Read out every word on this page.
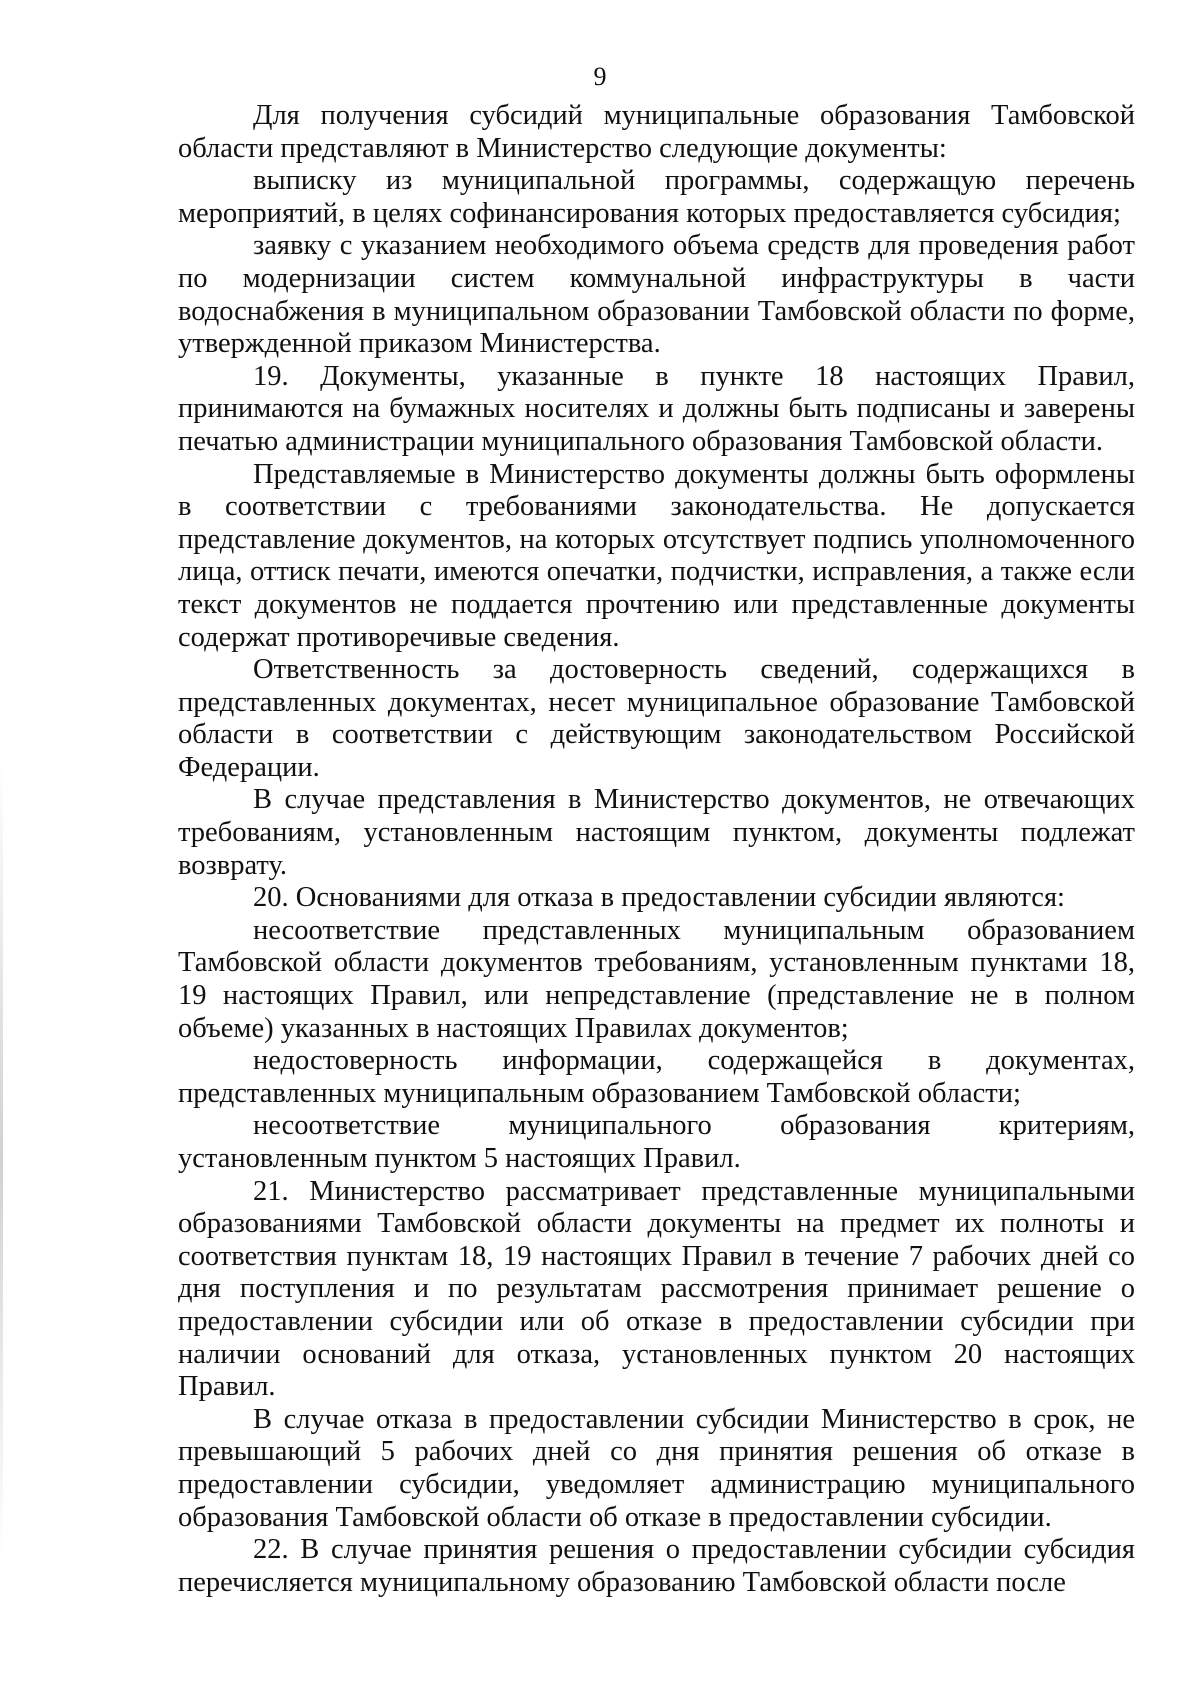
9

Для получения субсидий муниципальные образования Тамбовской области представляют в Министерство следующие документы:

выписку из муниципальной программы, содержащую перечень мероприятий, в целях софинансирования которых предоставляется субсидия;

заявку с указанием необходимого объема средств для проведения работ по модернизации систем коммунальной инфраструктуры в части водоснабжения в муниципальном образовании Тамбовской области по форме, утвержденной приказом Министерства.

19. Документы, указанные в пункте 18 настоящих Правил, принимаются на бумажных носителях и должны быть подписаны и заверены печатью администрации муниципального образования Тамбовской области.

Представляемые в Министерство документы должны быть оформлены в соответствии с требованиями законодательства. Не допускается представление документов, на которых отсутствует подпись уполномоченного лица, оттиск печати, имеются опечатки, подчистки, исправления, а также если текст документов не поддается прочтению или представленные документы содержат противоречивые сведения.

Ответственность за достоверность сведений, содержащихся в представленных документах, несет муниципальное образование Тамбовской области в соответствии с действующим законодательством Российской Федерации.

В случае представления в Министерство документов, не отвечающих требованиям, установленным настоящим пунктом, документы подлежат возврату.

20. Основаниями для отказа в предоставлении субсидии являются:

несоответствие представленных муниципальным образованием Тамбовской области документов требованиям, установленным пунктами 18, 19 настоящих Правил, или непредставление (представление не в полном объеме) указанных в настоящих Правилах документов;

недостоверность информации, содержащейся в документах, представленных муниципальным образованием Тамбовской области;

несоответствие муниципального образования критериям, установленным пунктом 5 настоящих Правил.

21. Министерство рассматривает представленные муниципальными образованиями Тамбовской области документы на предмет их полноты и соответствия пунктам 18, 19 настоящих Правил в течение 7 рабочих дней со дня поступления и по результатам рассмотрения принимает решение о предоставлении субсидии или об отказе в предоставлении субсидии при наличии оснований для отказа, установленных пунктом 20 настоящих Правил.

В случае отказа в предоставлении субсидии Министерство в срок, не превышающий 5 рабочих дней со дня принятия решения об отказе в предоставлении субсидии, уведомляет администрацию муниципального образования Тамбовской области об отказе в предоставлении субсидии.

22. В случае принятия решения о предоставлении субсидии субсидия перечисляется муниципальному образованию Тамбовской области после
